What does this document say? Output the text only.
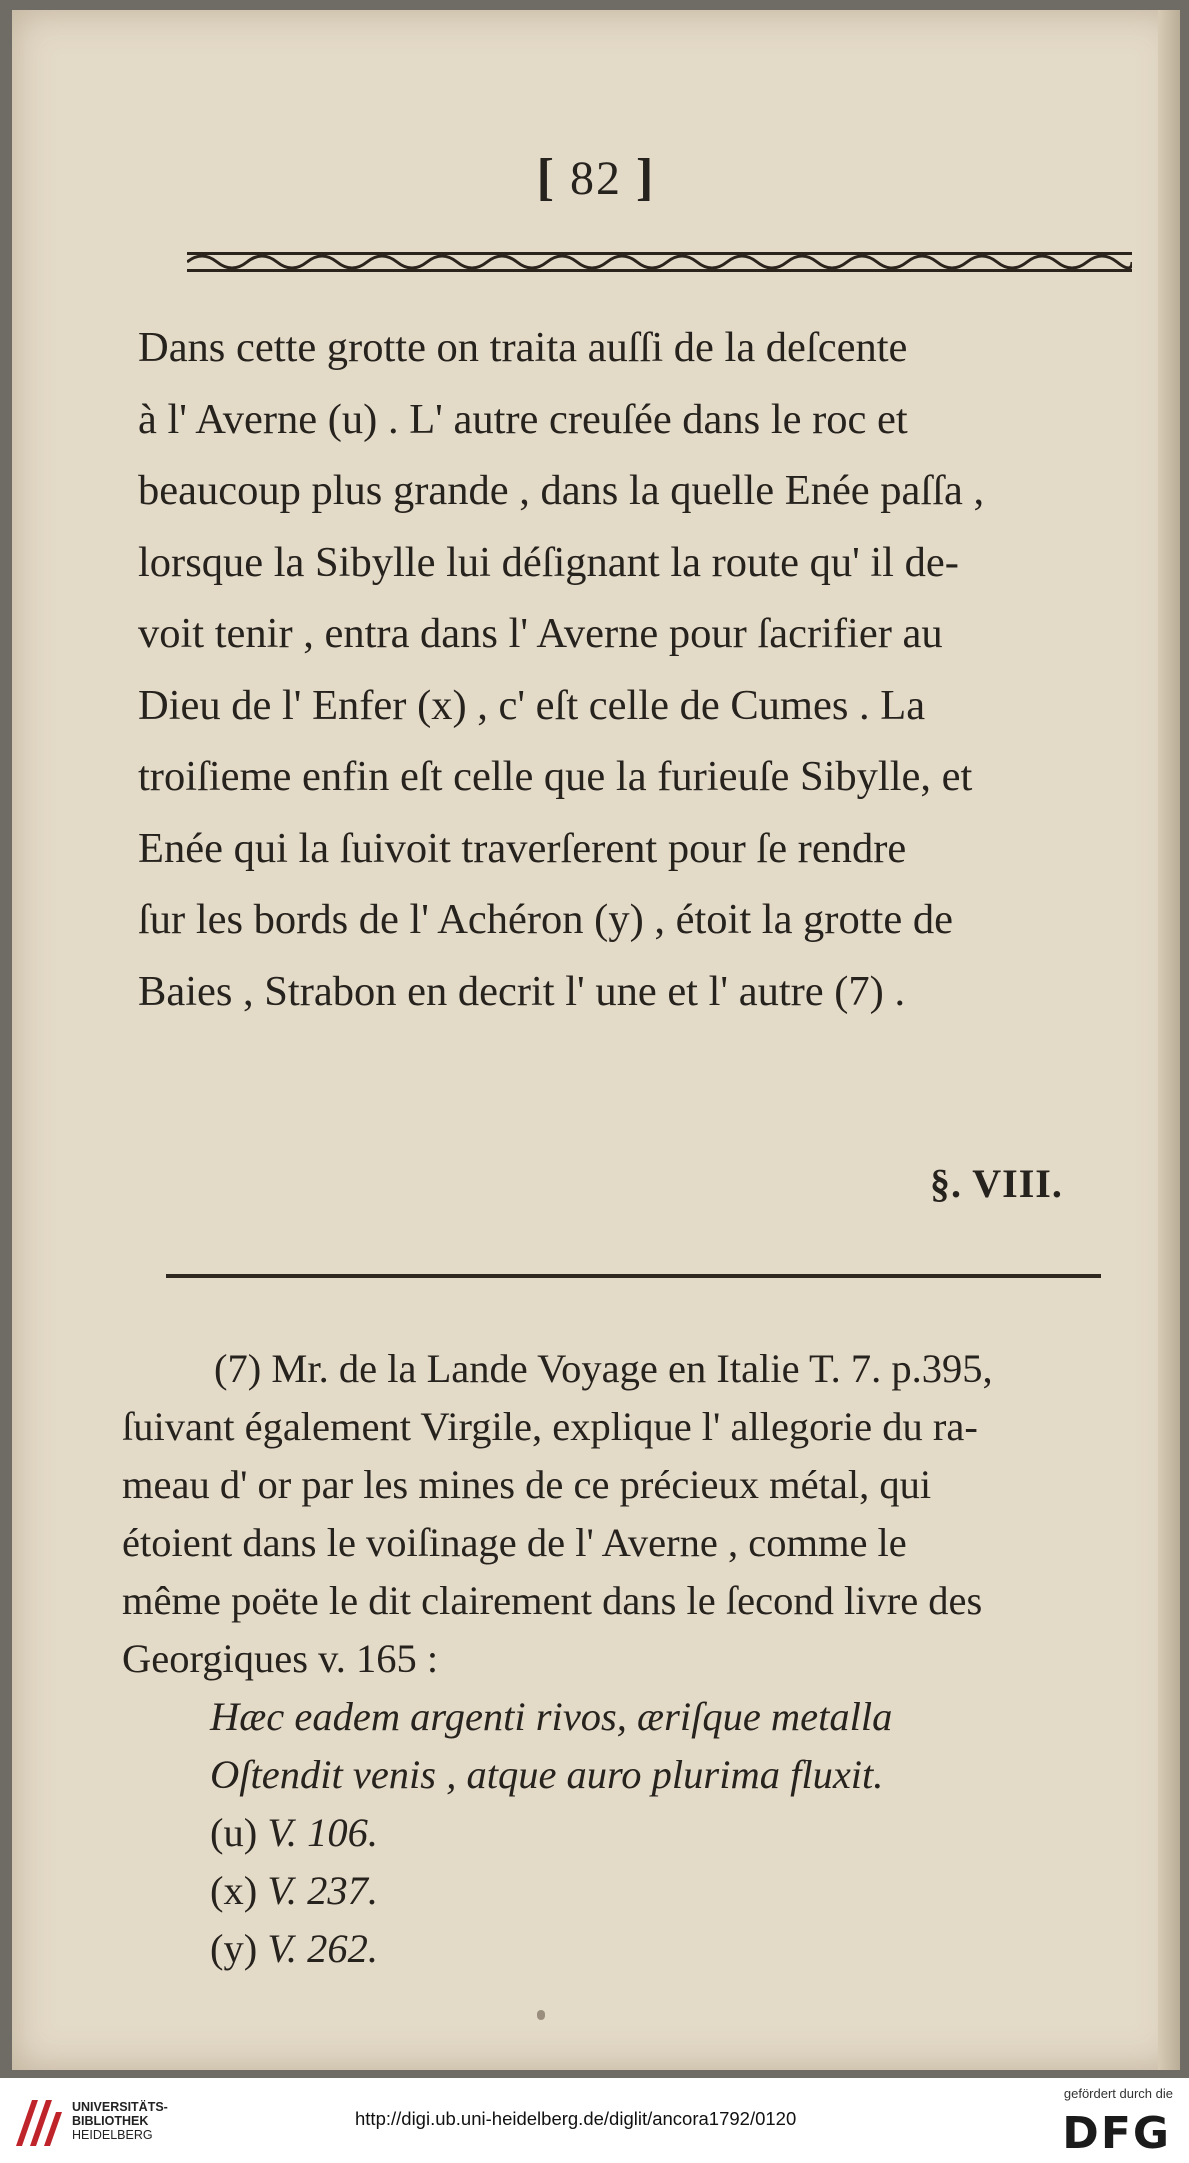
[ 82 ]
Dans cette grotte on traita auſſi de la deſcente
à l' Averne (u) . L' autre creuſée dans le roc et
beaucoup plus grande , dans la quelle Enée paſſa ,
lorsque la Sibylle lui déſignant la route qu' il de-
voit tenir , entra dans l' Averne pour ſacrifier au
Dieu de l' Enfer (x) , c' eſt celle de Cumes . La
troiſieme enfin eſt celle que la furieuſe Sibylle, et
Enée qui la ſuivoit traverſerent pour ſe rendre
ſur les bords de l' Achéron (y) , étoit la grotte de
Baies , Strabon en decrit l' une et l' autre (7) .
§. VIII.
(7) Mr. de la Lande Voyage en Italie T. 7. p.395,
ſuivant également Virgile, explique l' allegorie du ra-
meau d' or par les mines de ce précieux métal, qui
étoient dans le voiſinage de l' Averne , comme le
même poëte le dit clairement dans le ſecond livre des
Georgiques v. 165 :
Hæc eadem argenti rivos, æriſque metalla
Oſtendit venis , atque auro plurima fluxit.
(u) V. 106.
(x) V. 237.
(y) V. 262.
UNIVERSITÄTS-
BIBLIOTHEK
HEIDELBERG
http://digi.ub.uni-heidelberg.de/diglit/ancora1792/0120
gefördert durch die
DFG
